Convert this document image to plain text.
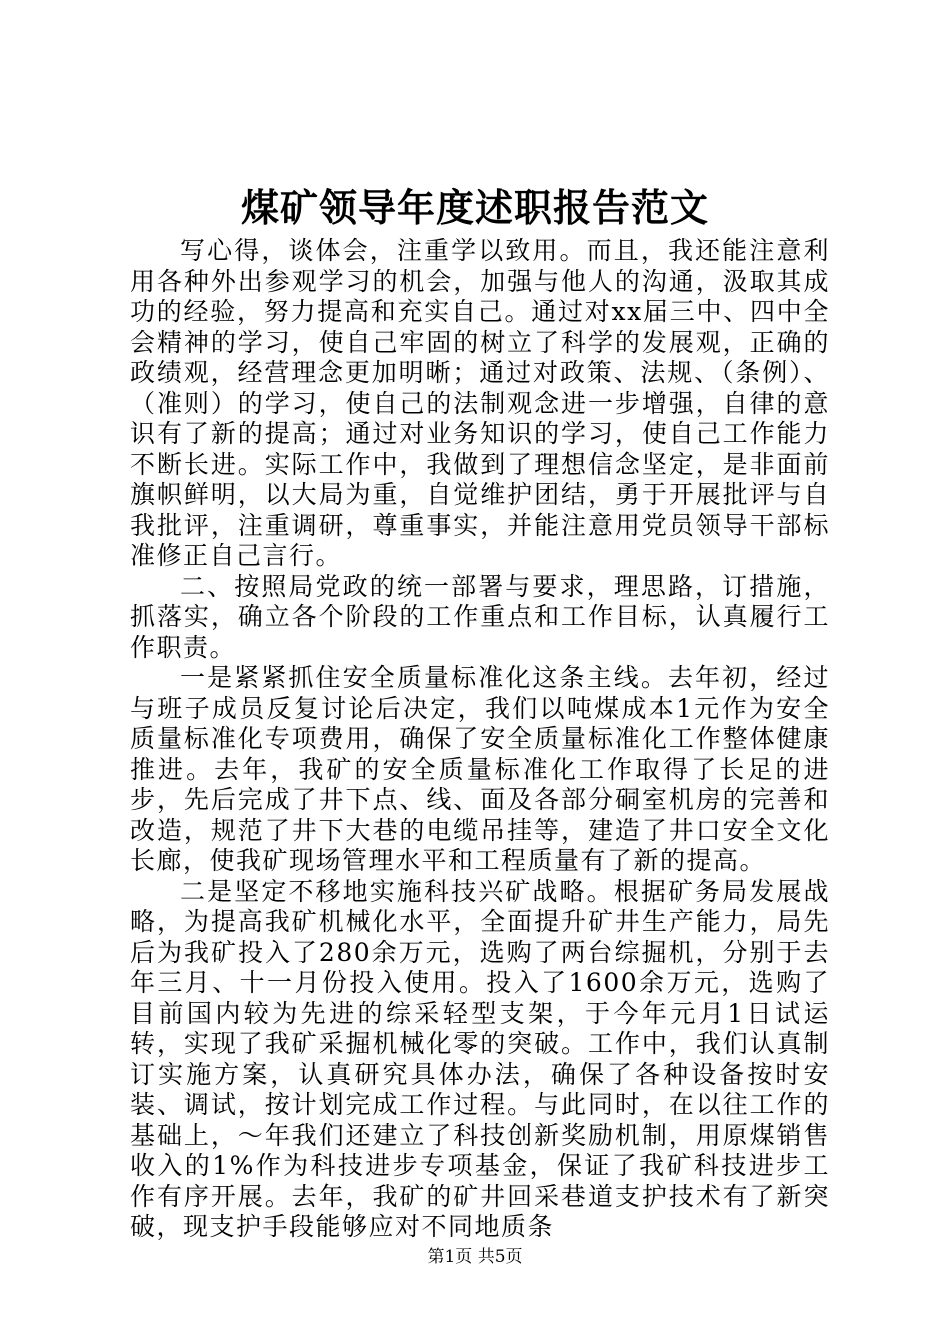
煤矿领导年度述职报告范文

写心得，谈体会，注重学以致用。而且，我还能注意利用各种外出参观学习的机会，加强与他人的沟通，汲取其成功的经验，努力提高和充实自己。通过对xx届三中、四中全会精神的学习，使自己牢固的树立了科学的发展观，正确的政绩观，经营理念更加明晰；通过对政策、法规、（条例）、（准则）的学习，使自己的法制观念进一步增强，自律的意识有了新的提高；通过对业务知识的学习，使自己工作能力不断长进。实际工作中，我做到了理想信念坚定，是非面前旗帜鲜明，以大局为重，自觉维护团结，勇于开展批评与自我批评，注重调研，尊重事实，并能注意用党员领导干部标准修正自己言行。

二、按照局党政的统一部署与要求，理思路，订措施，抓落实，确立各个阶段的工作重点和工作目标，认真履行工作职责。

一是紧紧抓住安全质量标准化这条主线。去年初，经过与班子成员反复讨论后决定，我们以吨煤成本1元作为安全质量标准化专项费用，确保了安全质量标准化工作整体健康推进。去年，我矿的安全质量标准化工作取得了长足的进步，先后完成了井下点、线、面及各部分硐室机房的完善和改造，规范了井下大巷的电缆吊挂等，建造了井口安全文化长廊，使我矿现场管理水平和工程质量有了新的提高。

二是坚定不移地实施科技兴矿战略。根据矿务局发展战略，为提高我矿机械化水平，全面提升矿井生产能力，局先后为我矿投入了280余万元，选购了两台综掘机，分别于去年三月、十一月份投入使用。投入了1600余万元，选购了目前国内较为先进的综采轻型支架，于今年元月1日试运转，实现了我矿采掘机械化零的突破。工作中，我们认真制订实施方案，认真研究具体办法，确保了各种设备按时安装、调试，按计划完成工作过程。与此同时，在以往工作的基础上，～年我们还建立了科技创新奖励机制，用原煤销售收入的1%作为科技进步专项基金，保证了我矿科技进步工作有序开展。去年，我矿的矿井回采巷道支护技术有了新突破，现支护手段能够应对不同地质条

第1页 共5页
